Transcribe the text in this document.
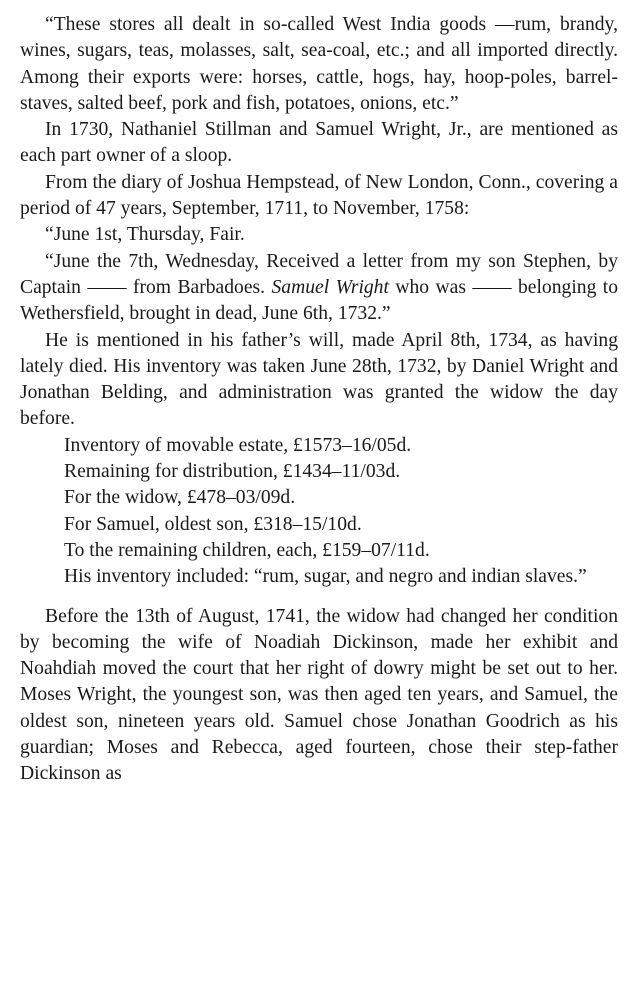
“These stores all dealt in so-called West India goods —rum, brandy, wines, sugars, teas, molasses, salt, sea-coal, etc.; and all imported directly. Among their exports were: horses, cattle, hogs, hay, hoop-poles, barrel-staves, salted beef, pork and fish, potatoes, onions, etc.”

In 1730, Nathaniel Stillman and Samuel Wright, Jr., are mentioned as each part owner of a sloop.

From the diary of Joshua Hempstead, of New London, Conn., covering a period of 47 years, September, 1711, to November, 1758:

“June 1st, Thursday, Fair.

“June the 7th, Wednesday, Received a letter from my son Stephen, by Captain —— from Barbadoes. Samuel Wright who was —— belonging to Wethersfield, brought in dead, June 6th, 1732.”

He is mentioned in his father’s will, made April 8th, 1734, as having lately died. His inventory was taken June 28th, 1732, by Daniel Wright and Jonathan Belding, and administration was granted the widow the day before.

Inventory of movable estate, £1573–16/05d.

Remaining for distribution, £1434–11/03d.

For the widow, £478–03/09d.

For Samuel, oldest son, £318–15/10d.

To the remaining children, each, £159–07/11d.

His inventory included: “rum, sugar, and negro and indian slaves.”

Before the 13th of August, 1741, the widow had changed her condition by becoming the wife of Noadiah Dickinson, made her exhibit and Noahdiah moved the court that her right of dowry might be set out to her. Moses Wright, the youngest son, was then aged ten years, and Samuel, the oldest son, nineteen years old. Samuel chose Jonathan Goodrich as his guardian; Moses and Rebecca, aged fourteen, chose their step-father Dickinson as
